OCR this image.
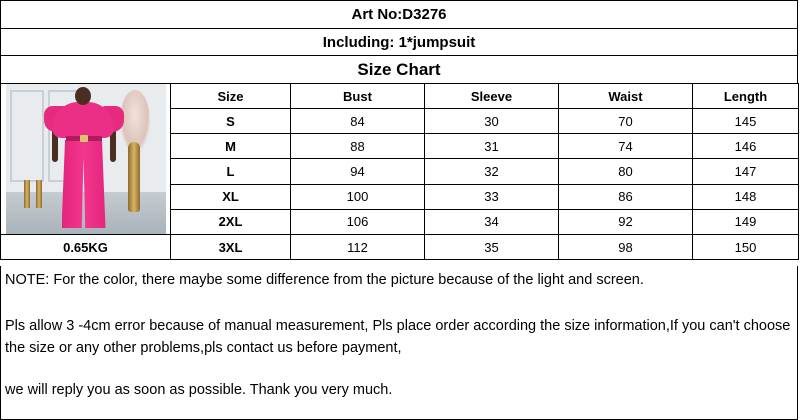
Art No:D3276
Including: 1*jumpsuit
Size Chart
	Size	Bust	Sleeve	Waist	Length
	S	84	30	70	145
	M	88	31	74	146
	L	94	32	80	147
	XL	100	33	86	148
	2XL	106	34	92	149
0.65KG	3XL	112	35	98	150
NOTE: For the color, there maybe some difference from the picture because of the light and screen.
Pls allow 3 -4cm error because of manual measurement, Pls place order according the size information,If you can't choose the size or any other problems,pls contact us before payment,
we will reply you as soon as possible. Thank you very much.
